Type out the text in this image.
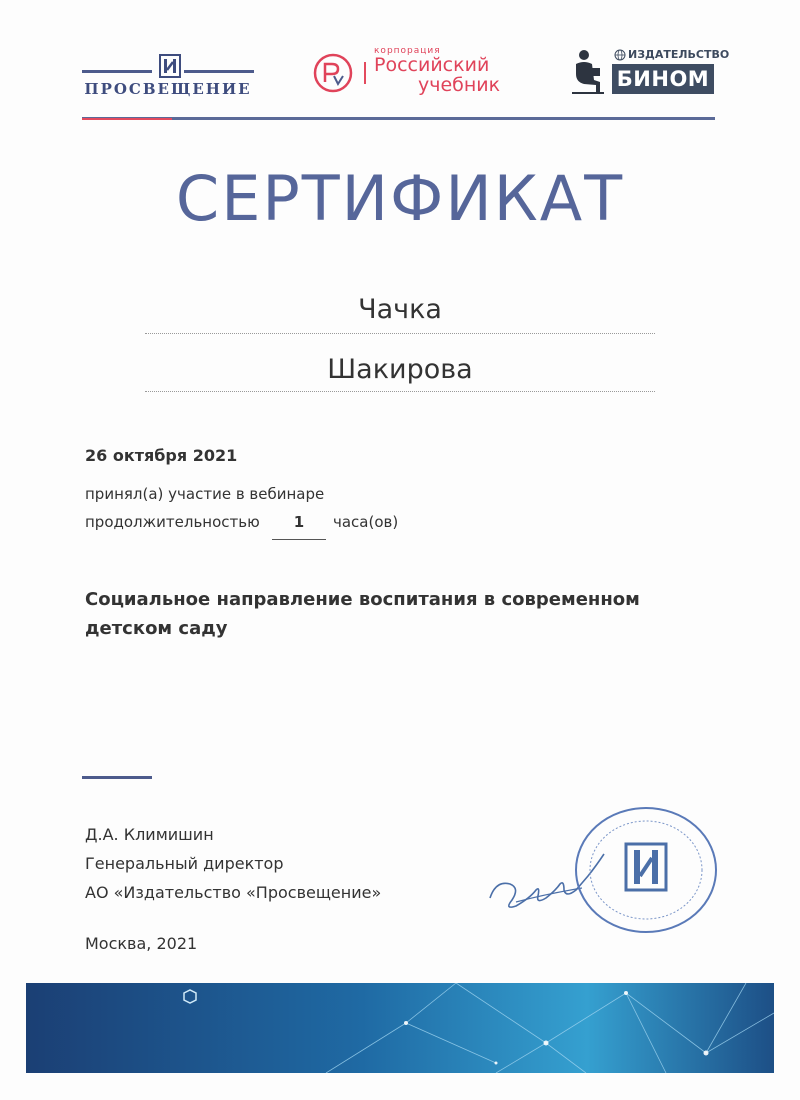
ПРОСВЕЩЕНИЕ
корпорация
Российский
учебник
ИЗДАТЕЛЬСТВО
БИНОМ
СЕРТИФИКАТ
Чачка
Шакирова
26 октября 2021
принял(а) участие в вебинаре
продолжительностью	1	часа(ов)
Социальное направление воспитания в современном
детском саду
Д.А. Климишин
Генеральный директор
АО «Издательство «Просвещение»
Москва, 2021
